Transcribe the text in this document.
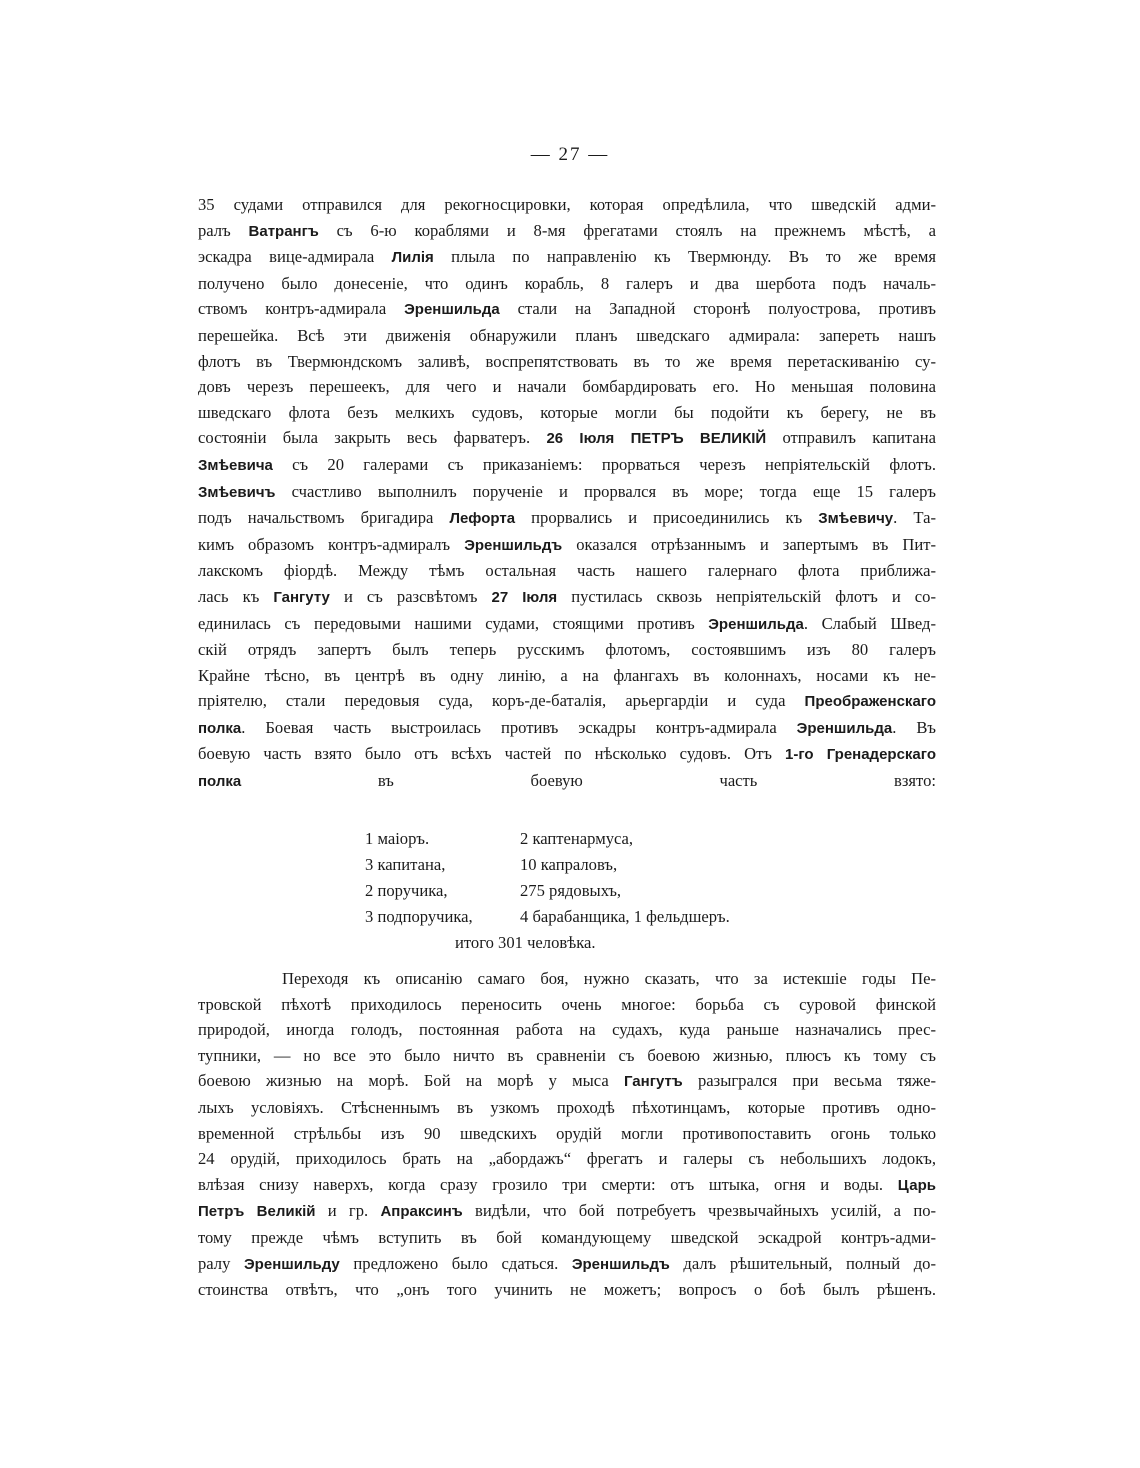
— 27 —
35 судами отправился для рекогносцировки, которая опредѣлила, что шведскій адми-
ралъ Ватрангъ съ 6-ю кораблями и 8-мя фрегатами стоялъ на прежнемъ мѣстѣ, а
эскадра вице-адмирала Лилія плыла по направленію къ Твермюнду. Въ то же время
получено было донесеніе, что одинъ корабль, 8 галеръ и два шербота подъ началь-
ствомъ контръ-адмирала Эреншильда стали на Западной сторонѣ полуострова, противъ
перешейка. Всѣ эти движенія обнаружили планъ шведскаго адмирала: запереть нашъ
флотъ въ Твермюндскомъ заливѣ, воспрепятствовать въ то же время перетаскиванію су-
довъ черезъ перешеекъ, для чего и начали бомбардировать его. Но меньшая половина
шведскаго флота безъ мелкихъ судовъ, которые могли бы подойти къ берегу, не въ
состояніи была закрыть весь фарватеръ. 26 Іюля ПЕТРЪ ВЕЛИКІЙ отправилъ капитана
Змѣевича съ 20 галерами съ приказаніемъ: прорваться черезъ непріятельскій флотъ.
Змѣевичъ счастливо выполнилъ порученіе и прорвался въ море; тогда еще 15 галеръ
подъ начальствомъ бригадира Лефорта прорвались и присоединились къ Змѣевичу. Та-
кимъ образомъ контръ-адмиралъ Эреншильдъ оказался отрѣзаннымъ и запертымъ въ Пит-
лакскомъ фіордѣ. Между тѣмъ остальная часть нашего галернаго флота приближа-
лась къ Гангуту и съ разсвѣтомъ 27 Іюля пустилась сквозь непріятельскій флотъ и со-
единилась съ передовыми нашими судами, стоящими противъ Эреншильда. Слабый Швед-
скій отрядъ запертъ былъ теперь русскимъ флотомъ, состоявшимъ изъ 80 галеръ
Крайне тѣсно, въ центрѣ въ одну линію, а на флангахъ въ колоннахъ, носами къ не-
пріятелю, стали передовыя суда, коръ-де-баталія, арьергардіи и суда Преображенскаго
полка. Боевая часть выстроилась противъ эскадры контръ-адмирала Эреншильда. Въ
боевую часть взято было отъ всѣхъ частей по нѣсколько судовъ. Отъ 1-го Гренадерскаго
полка въ боевую часть взято:
1 маіоръ.	2 каптенармуса,
3 капитана,	10 капраловъ,
2 поручика,	275 рядовыхъ,
3 подпоручика,	4 барабанщика, 1 фельдшеръ.
итого 301 человѣка.
Переходя къ описанію самаго боя, нужно сказать, что за истекшіе годы Пе-
тровской пѣхотѣ приходилось переносить очень многое: борьба съ суровой финской
природой, иногда голодъ, постоянная работа на судахъ, куда раньше назначались прес-
тупники, — но все это было ничто въ сравненіи съ боевою жизнью, плюсъ къ тому съ
боевою жизнью на морѣ. Бой на морѣ у мыса Гангутъ разыгрался при весьма тяже-
лыхъ условіяхъ. Стѣсненнымъ въ узкомъ проходѣ пѣхотинцамъ, которые противъ одно-
временной стрѣльбы изъ 90 шведскихъ орудій могли противопоставить огонь только
24 орудій, приходилось брать на „абордажъ“ фрегатъ и галеры съ небольшихъ лодокъ,
влѣзая снизу наверхъ, когда сразу грозило три смерти: отъ штыка, огня и воды. Царь
Петръ Великій и гр. Апраксинъ видѣли, что бой потребуетъ чрезвычайныхъ усилій, а по-
тому прежде чѣмъ вступить въ бой командующему шведской эскадрой контръ-адми-
ралу Эреншильду предложено было сдаться. Эреншильдъ далъ рѣшительный, полный до-
стоинства отвѣтъ, что „онъ того учинить не можетъ; вопросъ о боѣ былъ рѣшенъ.
